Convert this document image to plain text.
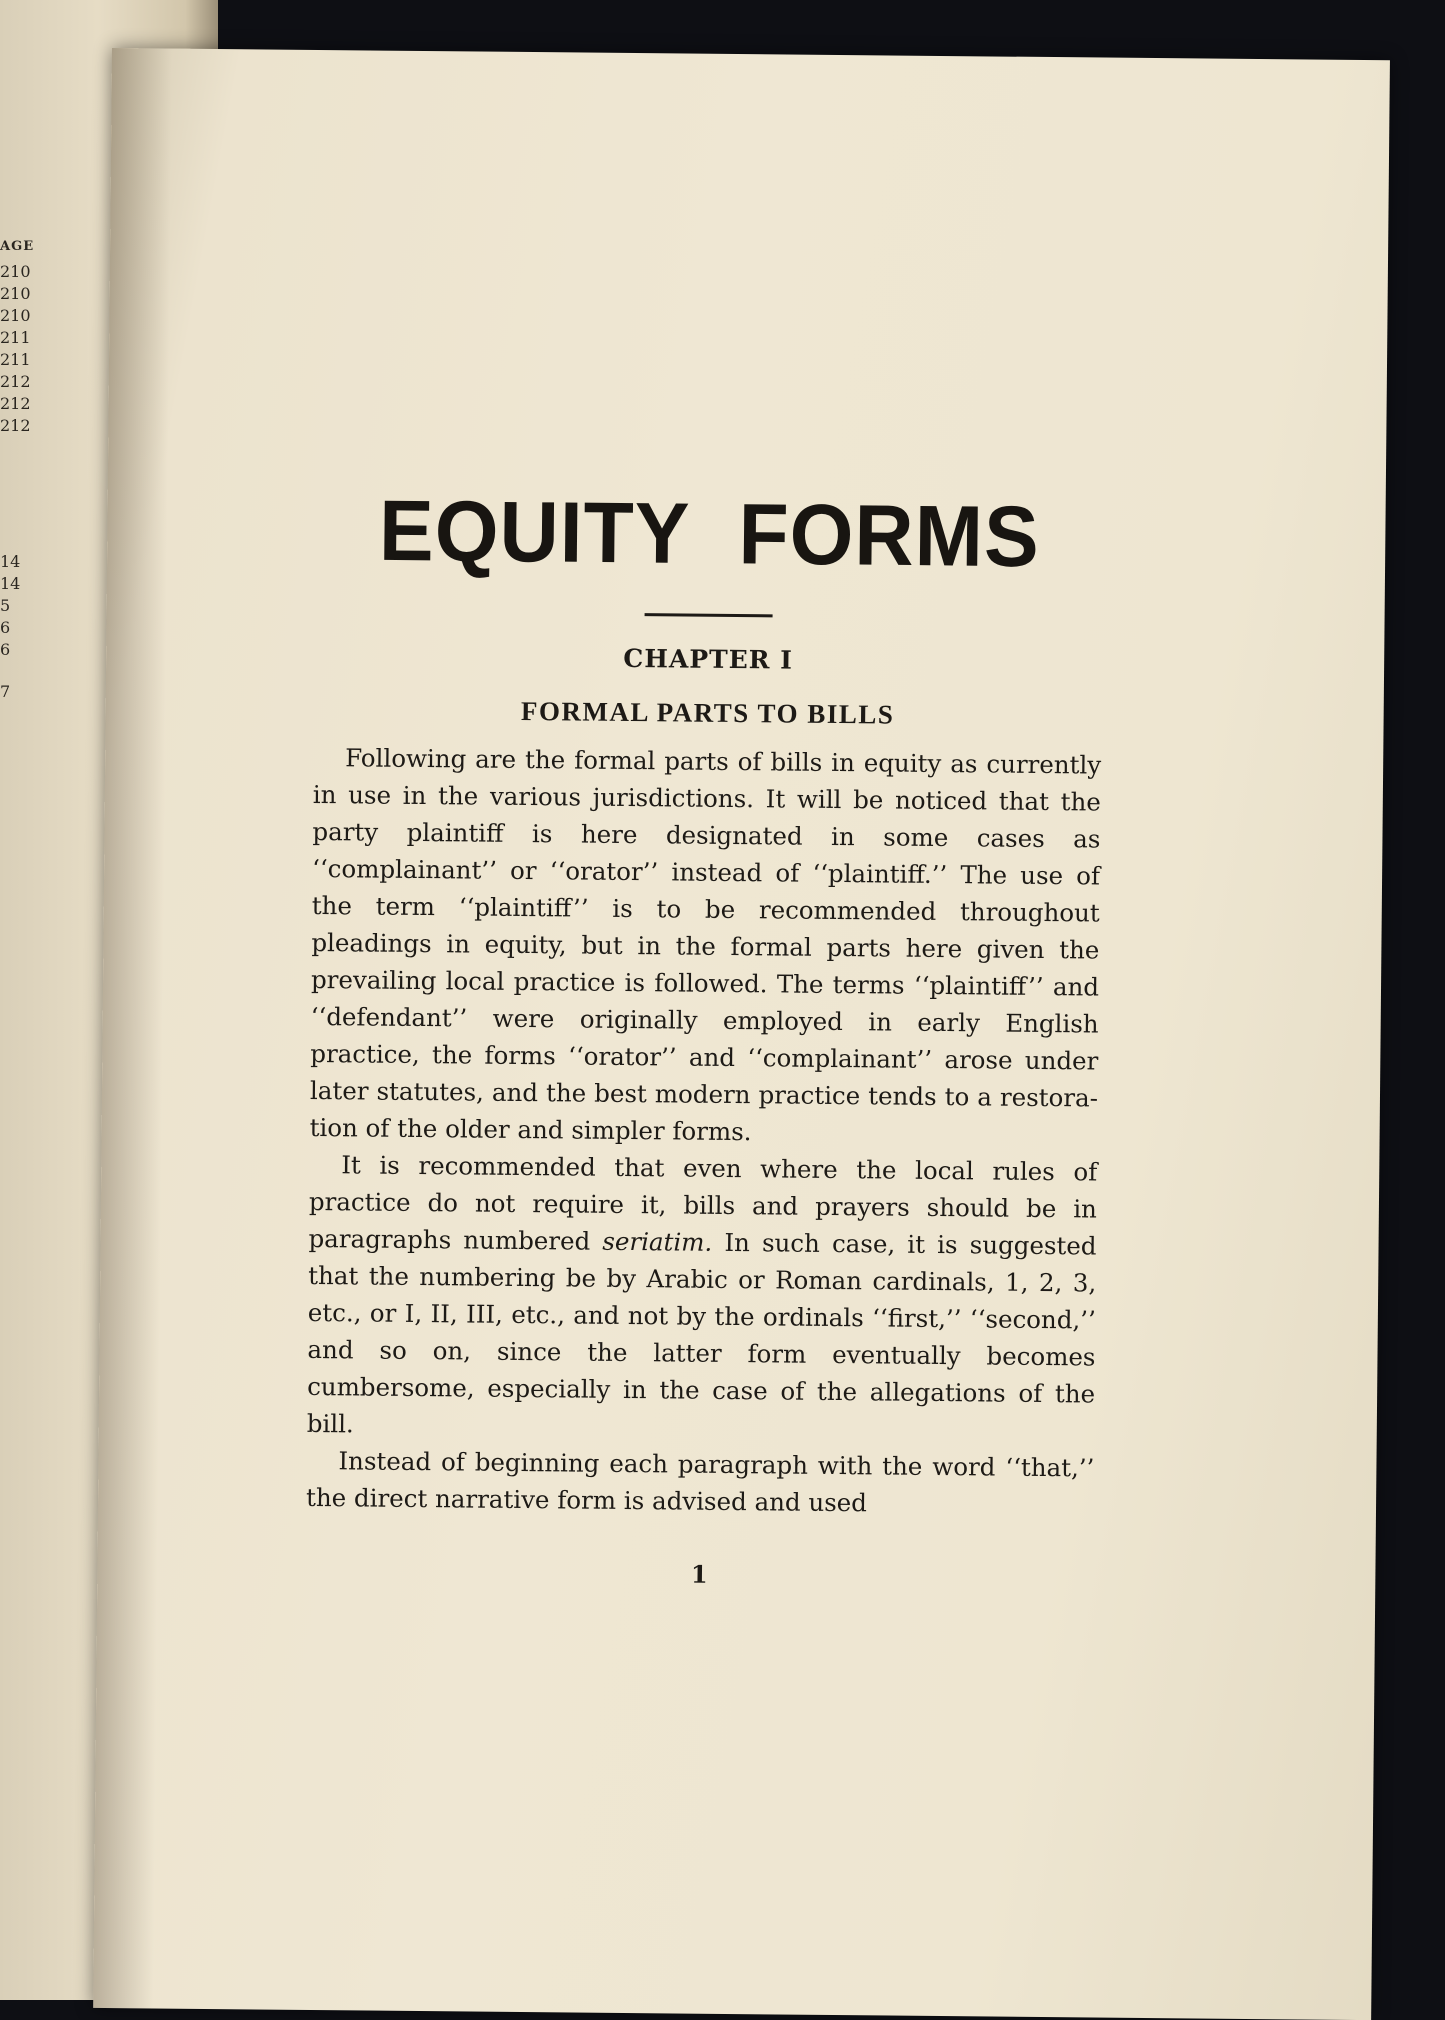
AGE
210
210
210
211
211
212
212
212
14
14
5
6
6
7
EQUITY FORMS
CHAPTER I
FORMAL PARTS TO BILLS

Following are the formal parts of bills in equity as currently in use in the various jurisdictions. It will be noticed that the party plaintiff is here designated in some cases as ‘‘complainant’’ or ‘‘orator’’ instead of ‘‘plaintiff.’’ The use of the term ‘‘plaintiff’’ is to be recommended throughout pleadings in equity, but in the formal parts here given the prevailing local practice is followed. The terms ‘‘plaintiff’’ and ‘‘defendant’’ were originally employed in early English practice, the forms ‘‘orator’’ and ‘‘complainant’’ arose under later statutes, and the best modern practice tends to a restoration of the older and simpler forms.

It is recommended that even where the local rules of practice do not require it, bills and prayers should be in paragraphs numbered seriatim. In such case, it is suggested that the numbering be by Arabic or Roman cardinals, 1, 2, 3, etc., or I, II, III, etc., and not by the ordinals ‘‘first,’’ ‘‘second,’’ and so on, since the latter form eventually becomes cumbersome, especially in the case of the allegations of the bill.

Instead of beginning each paragraph with the word ‘‘that,’’ the direct narrative form is advised and used

1
